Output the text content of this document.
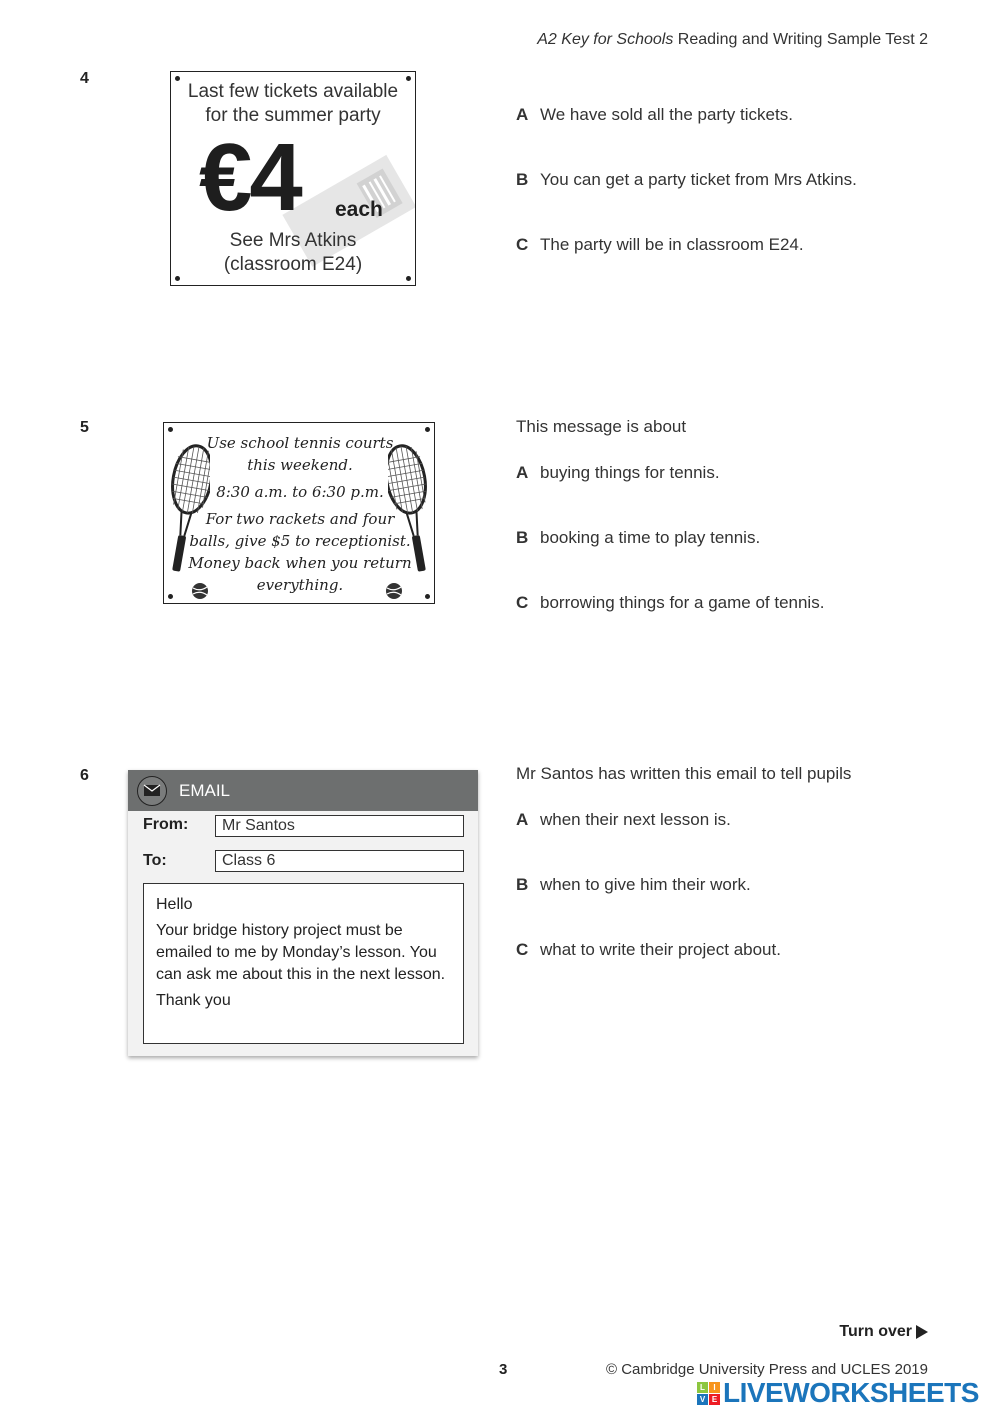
A2 Key for Schools Reading and Writing Sample Test 2
4
Last few tickets available
for the summer party
€4 each
See Mrs Atkins
(classroom E24)
A We have sold all the party tickets.
B You can get a party ticket from Mrs Atkins.
C The party will be in classroom E24.
5
Use school tennis courts
this weekend.
8:30 a.m. to 6:30 p.m.
For two rackets and four
balls, give $5 to receptionist.
Money back when you return
everything.
This message is about
A buying things for tennis.
B booking a time to play tennis.
C borrowing things for a game of tennis.
6
EMAIL
From:	Mr Santos
To:	Class 6
Hello
Your bridge history project must be emailed to me by Monday’s lesson. You can ask me about this in the next lesson.
Thank you
Mr Santos has written this email to tell pupils
A when their next lesson is.
B when to give him their work.
C what to write their project about.
Turn over
3	© Cambridge University Press and UCLES 2019
L	I
V E LIVEWORKSHEETS
